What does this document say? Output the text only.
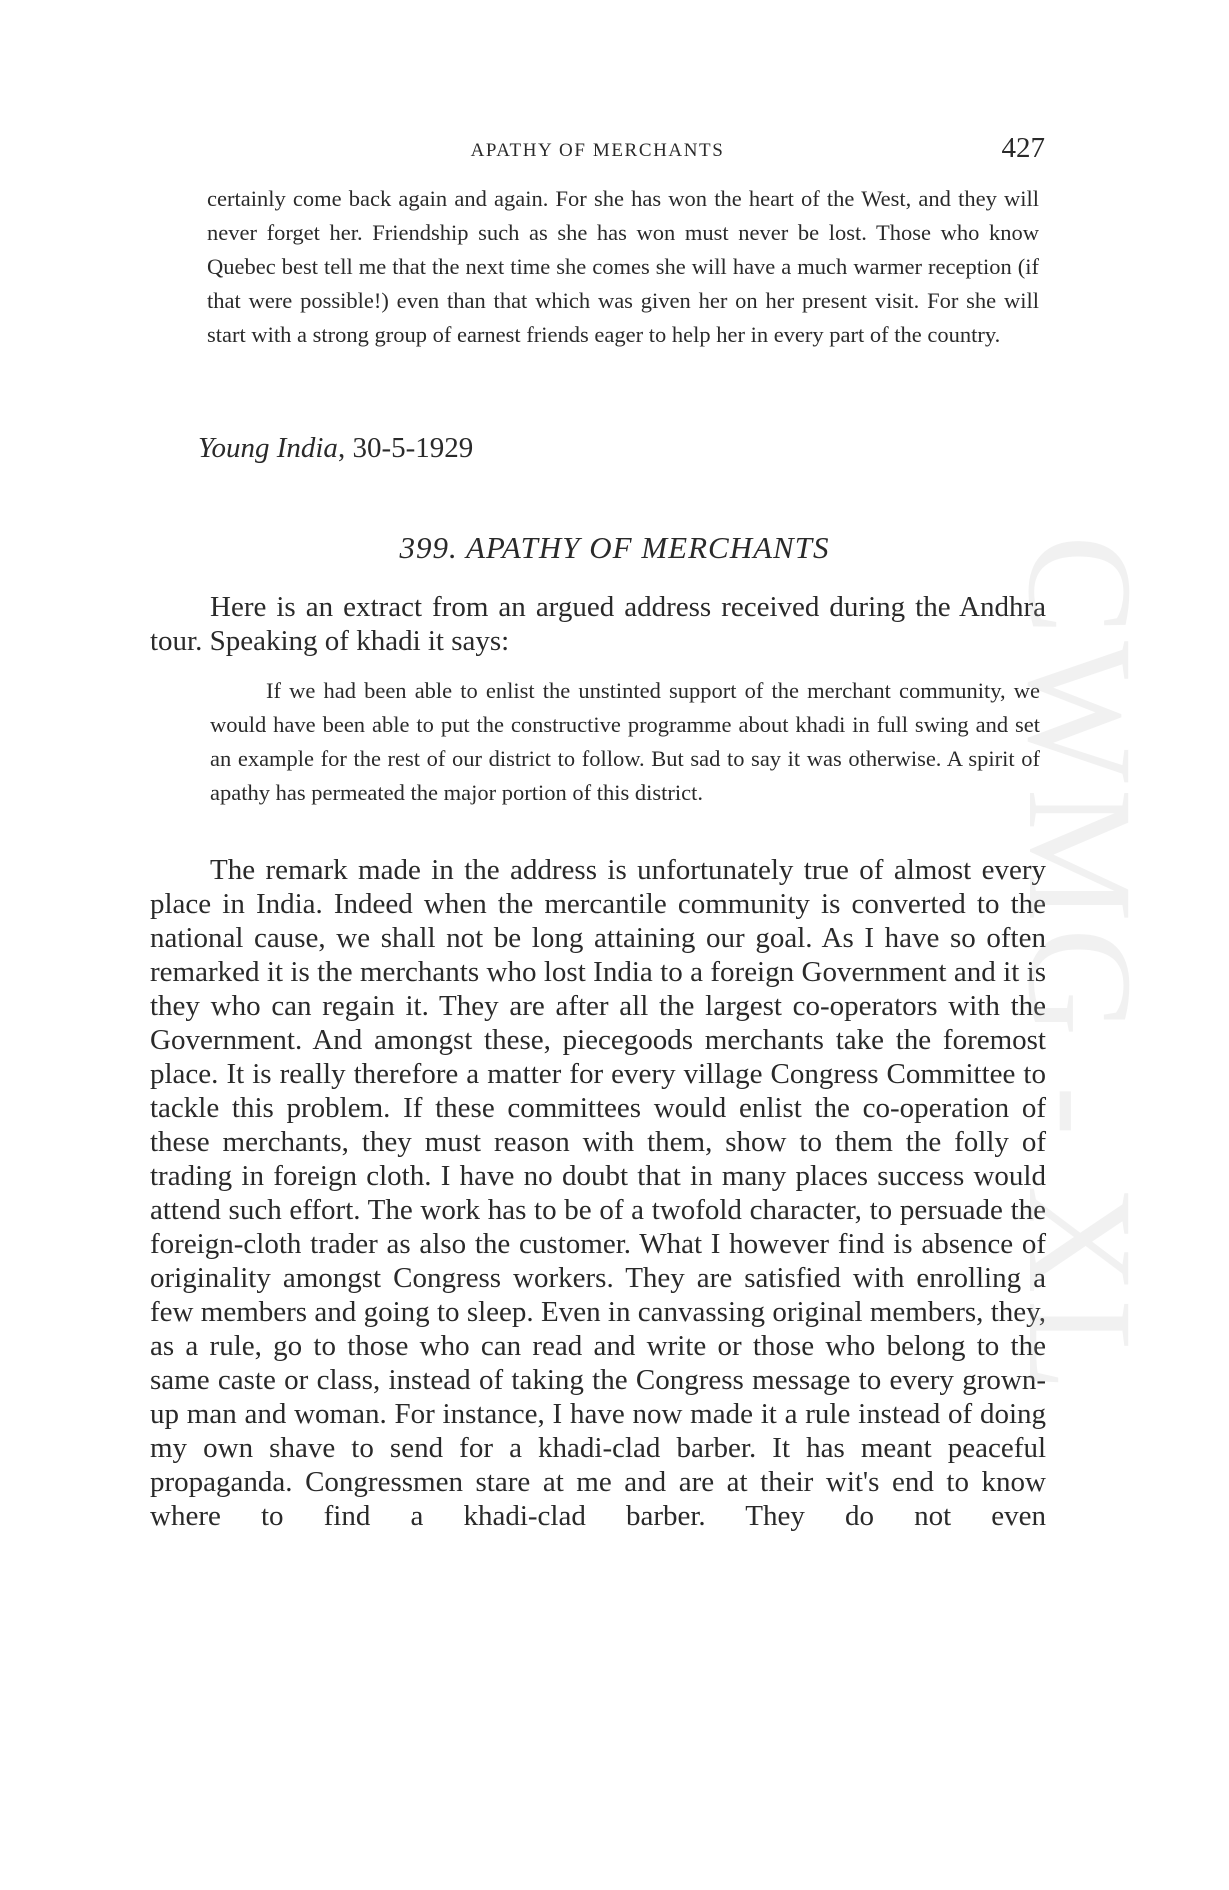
APATHY OF MERCHANTS	427
certainly come back again and again. For she has won the heart of the West, and they will never forget her. Friendship such as she has won must never be lost. Those who know Quebec best tell me that the next time she comes she will have a much warmer reception (if that were possible!) even than that which was given her on her present visit. For she will start with a strong group of earnest friends eager to help her in every part of the country.
Young India, 30-5-1929
399. APATHY OF MERCHANTS
Here is an extract from an argued address received during the Andhra tour. Speaking of khadi it says:
If we had been able to enlist the unstinted support of the merchant community, we would have been able to put the constructive programme about khadi in full swing and set an example for the rest of our district to follow. But sad to say it was otherwise. A spirit of apathy has permeated the major portion of this district.
The remark made in the address is unfortunately true of almost every place in India. Indeed when the mercantile community is converted to the national cause, we shall not be long attaining our goal. As I have so often remarked it is the merchants who lost India to a foreign Government and it is they who can regain it. They are after all the largest co-operators with the Government. And amongst these, piecegoods merchants take the foremost place. It is really therefore a matter for every village Congress Committee to tackle this problem. If these committees would enlist the co-operation of these merchants, they must reason with them, show to them the folly of trading in foreign cloth. I have no doubt that in many places success would attend such effort. The work has to be of a twofold character, to persuade the foreign-cloth trader as also the customer. What I however find is absence of originality amongst Congress workers. They are satisfied with enrolling a few members and going to sleep. Even in canvassing original members, they, as a rule, go to those who can read and write or those who belong to the same caste or class, instead of taking the Congress message to every grown-up man and woman. For instance, I have now made it a rule instead of doing my own shave to send for a khadi-clad barber. It has meant peaceful propaganda. Congressmen stare at me and are at their wit's end to know where to find a khadi-clad barber. They do not even
CWMG - XL
